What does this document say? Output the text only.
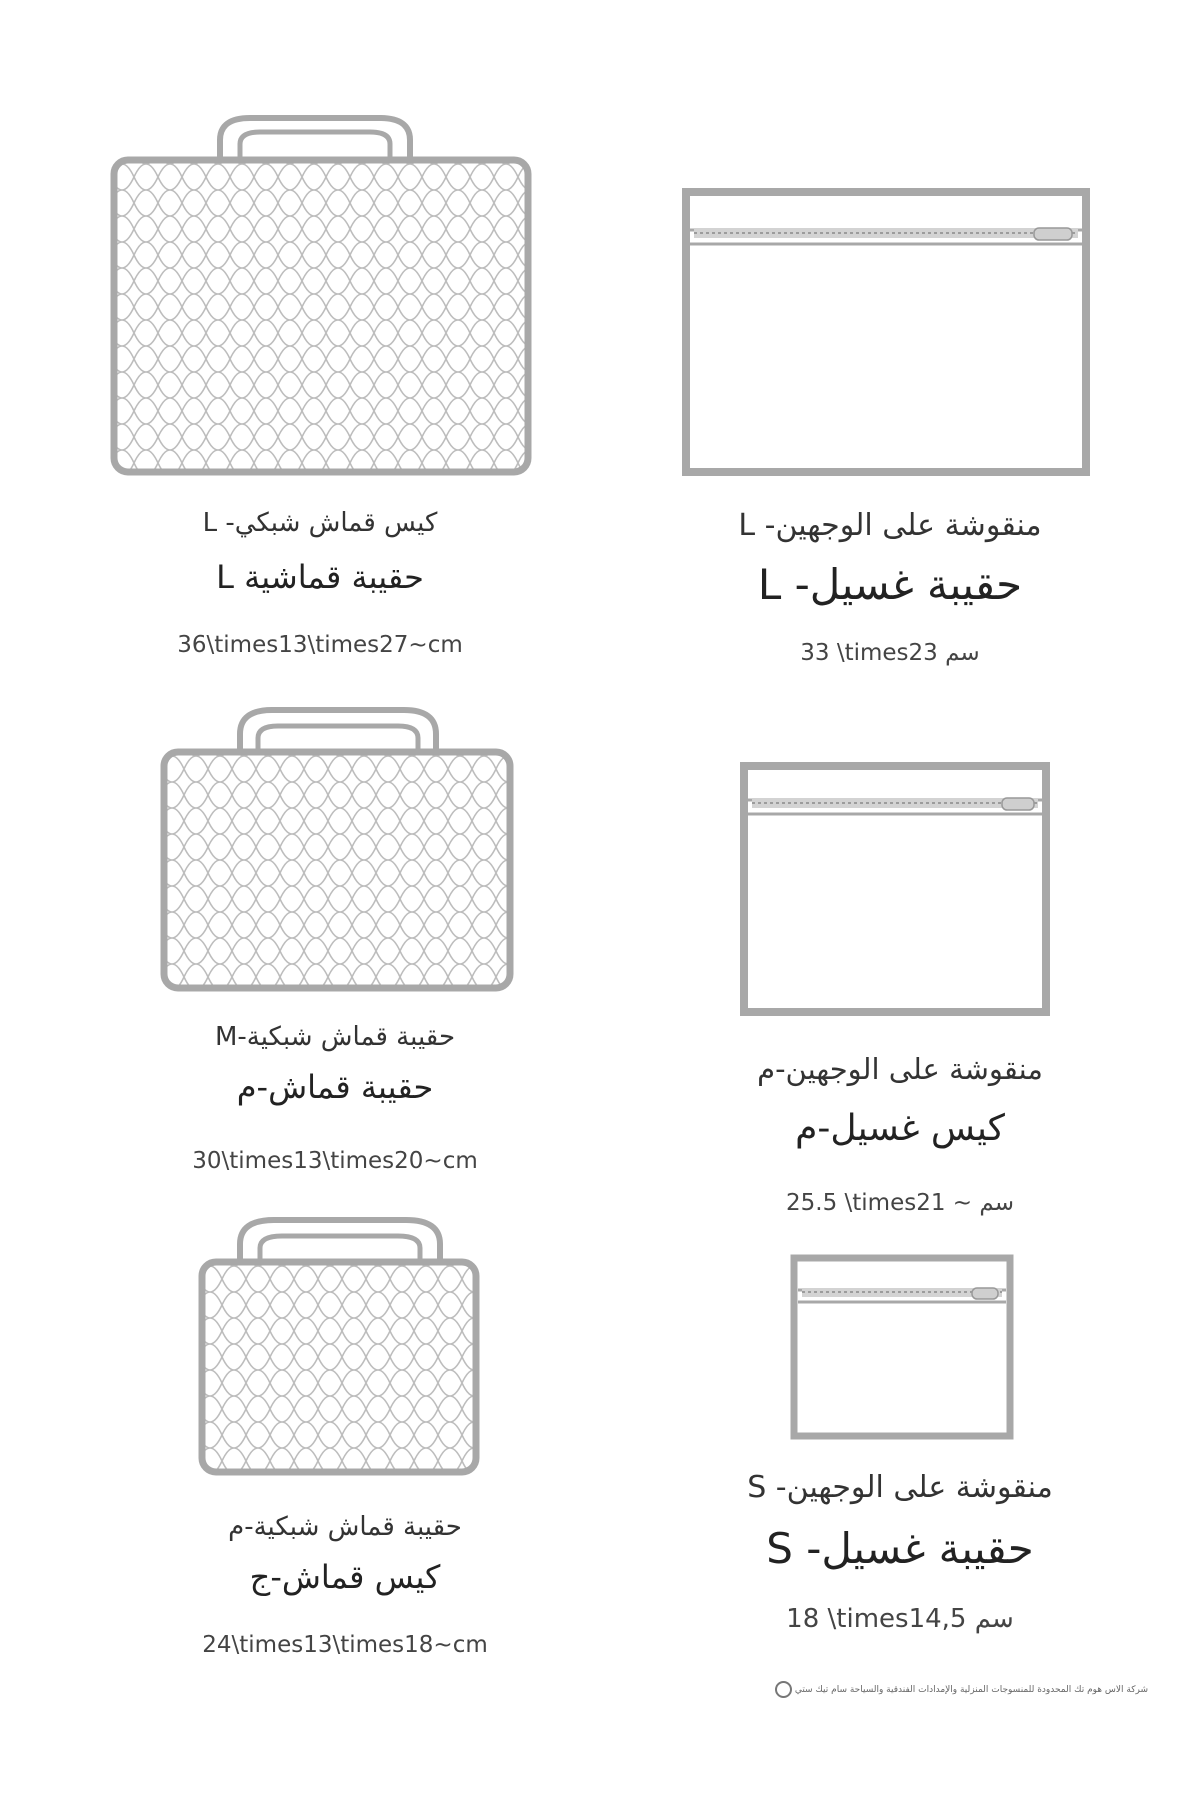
كيس قماش شبكي- L
حقيبة قماشية L
36\times13\times27~cm
منقوشة على الوجهين- L
حقيبة غسيل- L
33 \times23 سم
حقيبة قماش شبكية-M
حقيبة قماش-م
30\times13\times20~cm
منقوشة على الوجهين-م
كيس غسيل-م
25.5 \times21 ~ سم
حقيبة قماش شبكية-م
كيس قماش-ج
24\times13\times18~cm
منقوشة على الوجهين- S
حقيبة غسيل- S
18 \times14,5 سم
شركة الاس هوم تك المحدودة للمنسوجات المنزلية والإمدادات الفندقية والسياحة سام تيك ستي
